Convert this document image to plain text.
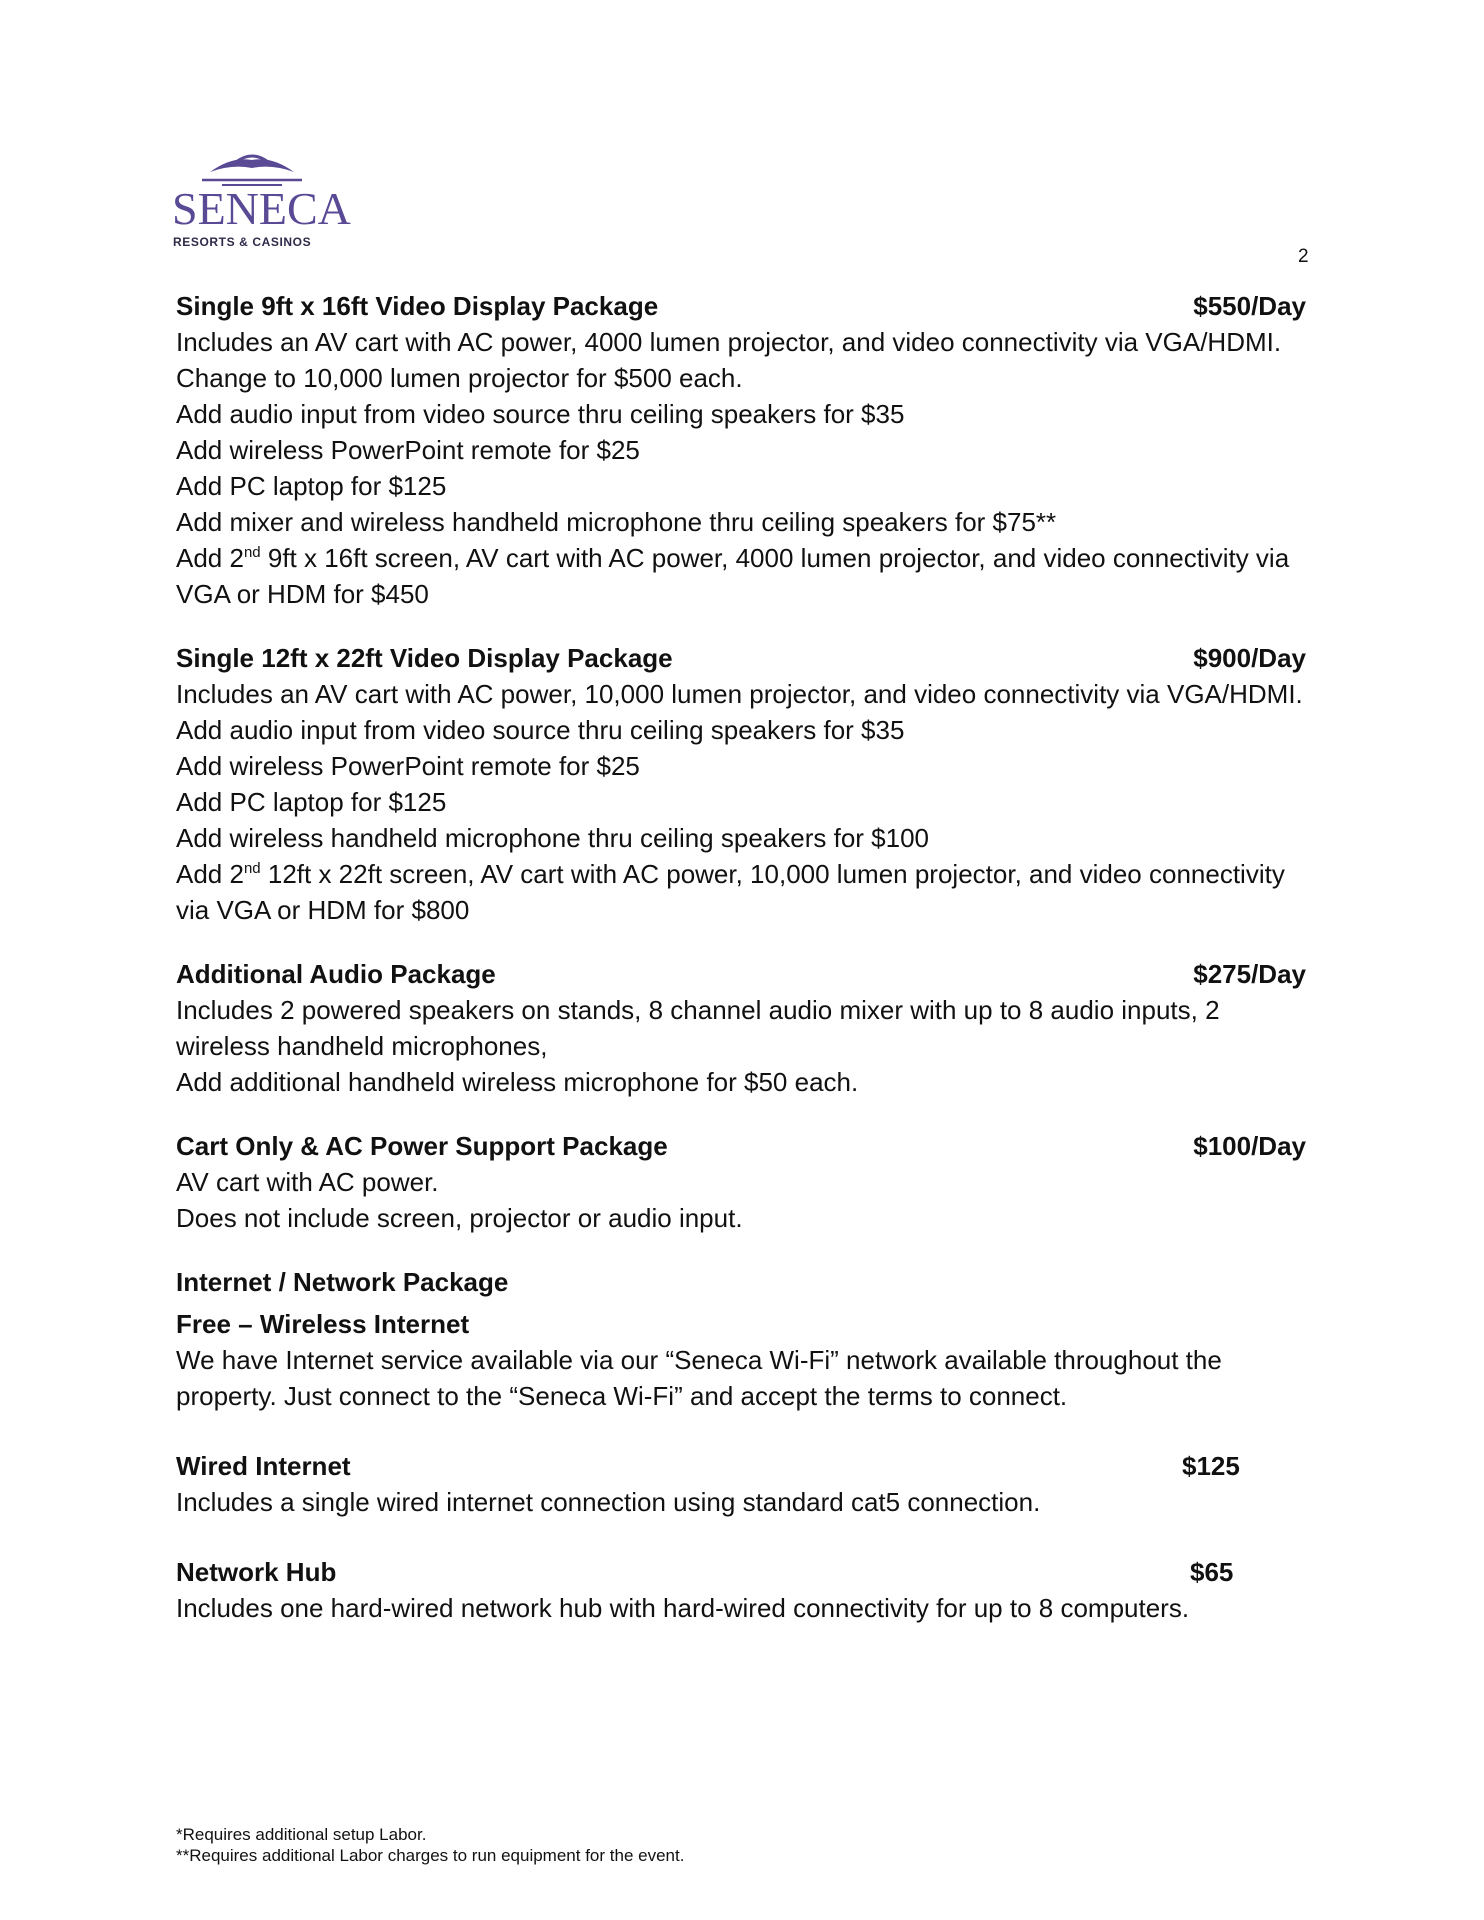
SENECA
RESORTS & CASINOS
2
Single 9ft x 16ft Video Display Package	$550/Day
Includes an AV cart with AC power, 4000 lumen projector, and video connectivity via VGA/HDMI.
Change to 10,000 lumen projector for $500 each.
Add audio input from video source thru ceiling speakers for $35
Add wireless PowerPoint remote for $25
Add PC laptop for $125
Add mixer and wireless handheld microphone thru ceiling speakers for $75**
Add 2nd 9ft x 16ft screen, AV cart with AC power, 4000 lumen projector, and video connectivity via VGA or HDM for $450
Single 12ft x 22ft Video Display Package	$900/Day
Includes an AV cart with AC power, 10,000 lumen projector, and video connectivity via VGA/HDMI.
Add audio input from video source thru ceiling speakers for $35
Add wireless PowerPoint remote for $25
Add PC laptop for $125
Add wireless handheld microphone thru ceiling speakers for $100
Add 2nd 12ft x 22ft screen, AV cart with AC power, 10,000 lumen projector, and video connectivity via VGA or HDM for $800
Additional Audio Package	$275/Day
Includes 2 powered speakers on stands, 8 channel audio mixer with up to 8 audio inputs, 2 wireless handheld microphones,
Add additional handheld wireless microphone for $50 each.
Cart Only & AC Power Support Package	$100/Day
AV cart with AC power.
Does not include screen, projector or audio input.
Internet / Network Package
Free – Wireless Internet
We have Internet service available via our “Seneca Wi-Fi” network available throughout the property. Just connect to the “Seneca Wi-Fi” and accept the terms to connect.
Wired Internet	$125
Includes a single wired internet connection using standard cat5 connection.
Network Hub	$65
Includes one hard-wired network hub with hard-wired connectivity for up to 8 computers.
*Requires additional setup Labor.
**Requires additional Labor charges to run equipment for the event.
